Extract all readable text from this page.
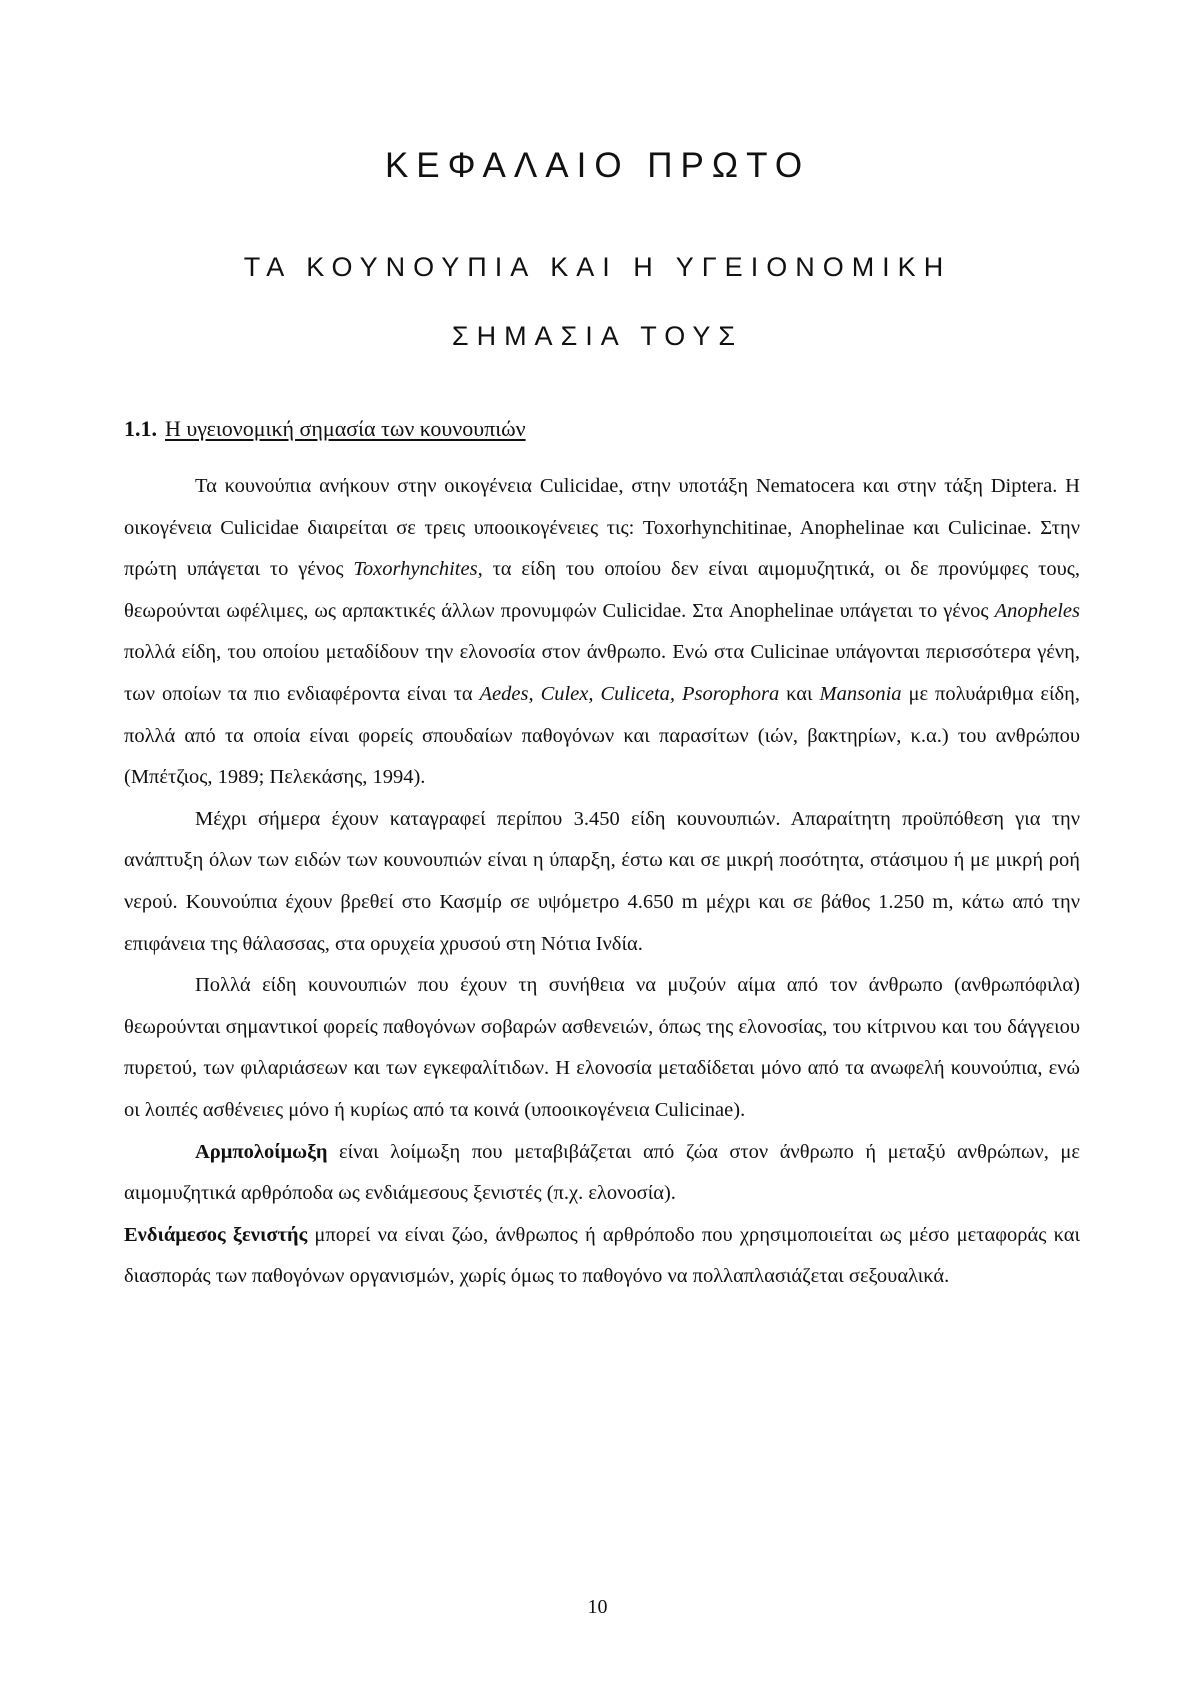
ΚΕΦΑΛΑΙΟ ΠΡΩΤΟ
ΤΑ ΚΟΥΝΟΥΠΙΑ ΚΑΙ Η ΥΓΕΙΟΝΟΜΙΚΗ
ΣΗΜΑΣΙΑ ΤΟΥΣ
1.1. Η υγειονομική σημασία των κουνουπιών

Τα κουνούπια ανήκουν στην οικογένεια Culicidae, στην υποτάξη Nematocera και στην τάξη Diptera. Η οικογένεια Culicidae διαιρείται σε τρεις υποοικογένειες τις: Toxorhynchitinae, Anophelinae και Culicinae. Στην πρώτη υπάγεται το γένος Toxorhynchites, τα είδη του οποίου δεν είναι αιμομυζητικά, οι δε προνύμφες τους, θεωρούνται ωφέλιμες, ως αρπακτικές άλλων προνυμφών Culicidae. Στα Anophelinae υπάγεται το γένος Anopheles πολλά είδη, του οποίου μεταδίδουν την ελονοσία στον άνθρωπο. Ενώ στα Culicinae υπάγονται περισσότερα γένη, των οποίων τα πιο ενδιαφέροντα είναι τα Aedes, Culex, Culiceta, Psorophora και Mansonia με πολυάριθμα είδη, πολλά από τα οποία είναι φορείς σπουδαίων παθογόνων και παρασίτων (ιών, βακτηρίων, κ.α.) του ανθρώπου (Μπέτζιος, 1989; Πελεκάσης, 1994).

Μέχρι σήμερα έχουν καταγραφεί περίπου 3.450 είδη κουνουπιών. Απαραίτητη προϋπόθεση για την ανάπτυξη όλων των ειδών των κουνουπιών είναι η ύπαρξη, έστω και σε μικρή ποσότητα, στάσιμου ή με μικρή ροή νερού. Κουνούπια έχουν βρεθεί στο Κασμίρ σε υψόμετρο 4.650 m μέχρι και σε βάθος 1.250 m, κάτω από την επιφάνεια της θάλασσας, στα ορυχεία χρυσού στη Νότια Ινδία.

Πολλά είδη κουνουπιών που έχουν τη συνήθεια να μυζούν αίμα από τον άνθρωπο (ανθρωπόφιλα) θεωρούνται σημαντικοί φορείς παθογόνων σοβαρών ασθενειών, όπως της ελονοσίας, του κίτρινου και του δάγγειου πυρετού, των φιλαριάσεων και των εγκεφαλίτιδων. Η ελονοσία μεταδίδεται μόνο από τα ανωφελή κουνούπια, ενώ οι λοιπές ασθένειες μόνο ή κυρίως από τα κοινά (υποοικογένεια Culicinae).

Αρμπολοίμωξη είναι λοίμωξη που μεταβιβάζεται από ζώα στον άνθρωπο ή μεταξύ ανθρώπων, με αιμομυζητικά αρθρόποδα ως ενδιάμεσους ξενιστές (π.χ. ελονοσία).

Ενδιάμεσος ξενιστής μπορεί να είναι ζώο, άνθρωπος ή αρθρόποδο που χρησιμοποιείται ως μέσο μεταφοράς και διασποράς των παθογόνων οργανισμών, χωρίς όμως το παθογόνο να πολλαπλασιάζεται σεξουαλικά.

10
